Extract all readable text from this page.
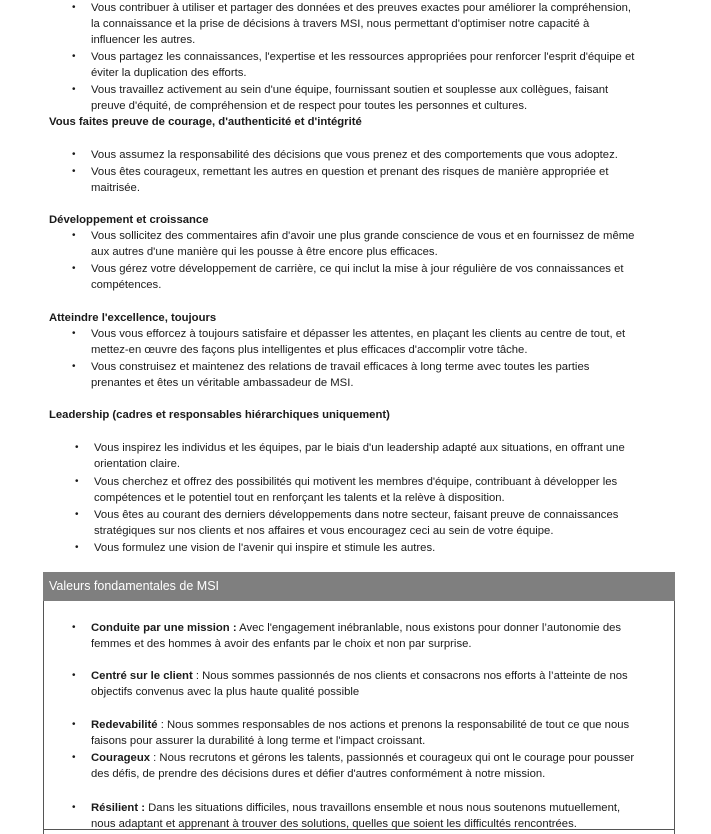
• Vous contribuer à utiliser et partager des données et des preuves exactes pour améliorer la compréhension,
la connaissance et la prise de décisions à travers MSI, nous permettant d'optimiser notre capacité à
influencer les autres.
• Vous partagez les connaissances, l'expertise et les ressources appropriées pour renforcer l'esprit d'équipe et
éviter la duplication des efforts.
• Vous travaillez activement au sein d'une équipe, fournissant soutien et souplesse aux collègues, faisant
preuve d'équité, de compréhension et de respect pour toutes les personnes et cultures.
Vous faites preuve de courage, d'authenticité et d'intégrité
• Vous assumez la responsabilité des décisions que vous prenez et des comportements que vous adoptez.
• Vous êtes courageux, remettant les autres en question et prenant des risques de manière appropriée et
maitrisée.
Développement et croissance
• Vous sollicitez des commentaires afin d'avoir une plus grande conscience de vous et en fournissez de même
aux autres d'une manière qui les pousse à être encore plus efficaces.
• Vous gérez votre développement de carrière, ce qui inclut la mise à jour régulière de vos connaissances et
compétences.
Atteindre l'excellence, toujours
• Vous vous efforcez à toujours satisfaire et dépasser les attentes, en plaçant les clients au centre de tout, et
mettez-en œuvre des façons plus intelligentes et plus efficaces d'accomplir votre tâche.
• Vous construisez et maintenez des relations de travail efficaces à long terme avec toutes les parties
prenantes et êtes un véritable ambassadeur de MSI.
Leadership (cadres et responsables hiérarchiques uniquement)
• Vous inspirez les individus et les équipes, par le biais d'un leadership adapté aux situations, en offrant une
orientation claire.
• Vous cherchez et offrez des possibilités qui motivent les membres d'équipe, contribuant à développer les
compétences et le potentiel tout en renforçant les talents et la relève à disposition.
• Vous êtes au courant des derniers développements dans notre secteur, faisant preuve de connaissances
stratégiques sur nos clients et nos affaires et vous encouragez ceci au sein de votre équipe.
• Vous formulez une vision de l'avenir qui inspire et stimule les autres.
Valeurs fondamentales de MSI
• Conduite par une mission : Avec l'engagement inébranlable, nous existons pour donner l’autonomie des
femmes et des hommes à avoir des enfants par le choix et non par surprise.
• Centré sur le client : Nous sommes passionnés de nos clients et consacrons nos efforts à l’atteinte de nos
objectifs convenus avec la plus haute qualité possible
• Redevabilité : Nous sommes responsables de nos actions et prenons la responsabilité de tout ce que nous
faisons pour assurer la durabilité à long terme et l'impact croissant.
• Courageux : Nous recrutons et gérons les talents, passionnés et courageux qui ont le courage pour pousser
des défis, de prendre des décisions dures et défier d'autres conformément à notre mission.
• Résilient : Dans les situations difficiles, nous travaillons ensemble et nous nous soutenons mutuellement,
nous adaptant et apprenant à trouver des solutions, quelles que soient les difficultés rencontrées.
